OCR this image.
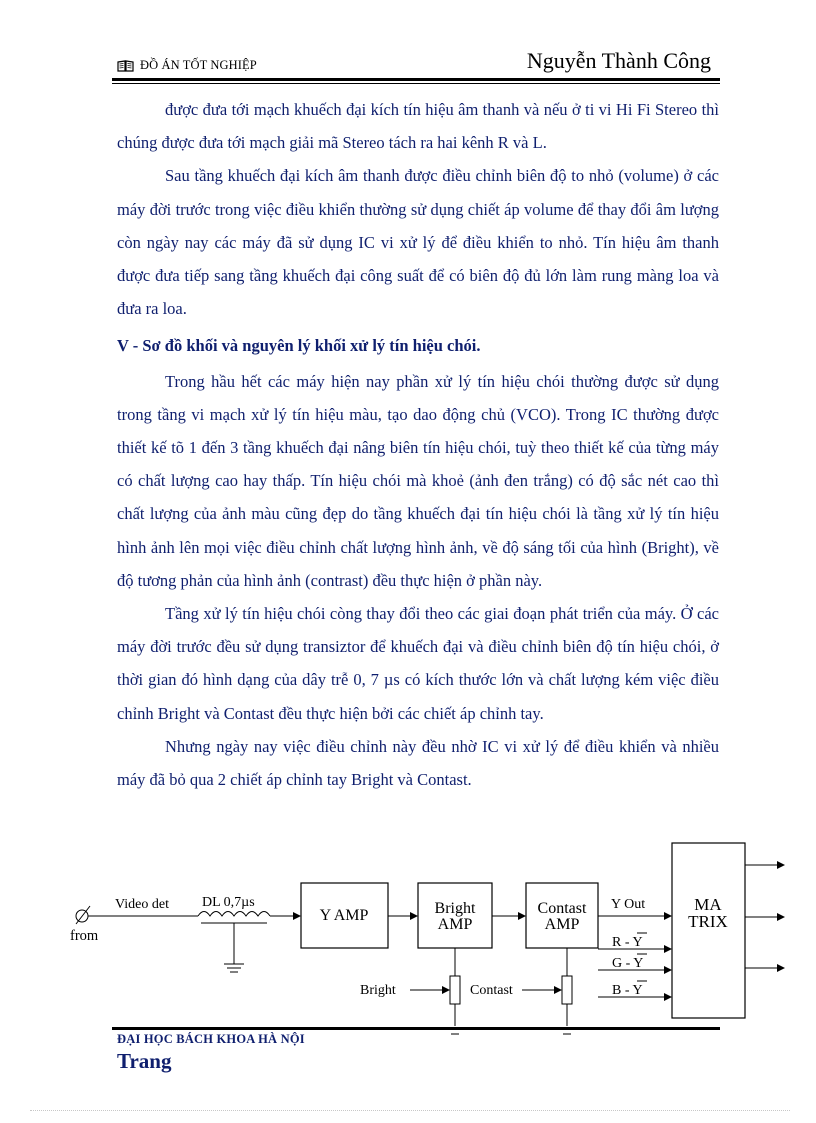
ĐỒ ÁN TỐT NGHIỆP	Nguyễn Thành Công

được đưa tới mạch khuếch đại kích tín hiệu âm thanh và nếu ở ti vi Hi Fi Stereo thì chúng được đưa tới mạch giải mã Stereo tách ra hai kênh R và L.

Sau tầng khuếch đại kích âm thanh được điều chỉnh biên độ to nhỏ (volume) ở các máy đời trước trong việc điều khiển thường sử dụng chiết áp volume để thay đổi âm lượng còn ngày nay các máy đã sử dụng IC vi xử lý để điều khiển to nhỏ. Tín hiệu âm thanh được đưa tiếp sang tầng khuếch đại công suất để có biên độ đủ lớn làm rung màng loa và đưa ra loa.

V - Sơ đồ khối và nguyên lý khối xử lý tín hiệu chói.

Trong hầu hết các máy hiện nay phần xử lý tín hiệu chói thường được sử dụng trong tầng vi mạch xử lý tín hiệu màu, tạo dao động chủ (VCO). Trong IC thường được thiết kế tõ 1 đến 3 tầng khuếch đại nâng biên tín hiệu chói, tuỳ theo thiết kế của từng máy có chất lượng cao hay thấp. Tín hiệu chói mà khoẻ (ảnh đen trắng) có độ sắc nét cao thì chất lượng của ảnh màu cũng đẹp do tầng khuếch đại tín hiệu chói là tầng xử lý tín hiệu hình ảnh lên mọi việc điều chỉnh chất lượng hình ảnh, về độ sáng tối của hình (Bright), về độ tương phản của hình ảnh (contrast) đều thực hiện ở phần này.

Tầng xử lý tín hiệu chói còng thay đổi theo các giai đoạn phát triển của máy. Ở các máy đời trước đều sử dụng transiztor để khuếch đại và điều chỉnh biên độ tín hiệu chói, ở thời gian đó hình dạng của dây trễ 0, 7 µs có kích thước lớn và chất lượng kém việc điều chỉnh Bright và Contast đều thực hiện bởi các chiết áp chỉnh tay.

Nhưng ngày nay việc điều chỉnh này đều nhờ IC vi xử lý để điều khiển và nhiều máy đã bỏ qua 2 chiết áp chỉnh tay Bright và Contast.

from
Video det DL 0,7µs
Y AMP	Bright
AMP
Contast
AMP
Y Out	MA
TRIX
R - Y
G - Y
B - Y
Bright	Contast
ĐẠI HỌC BÁCH KHOA HÀ NỘI
Trang
